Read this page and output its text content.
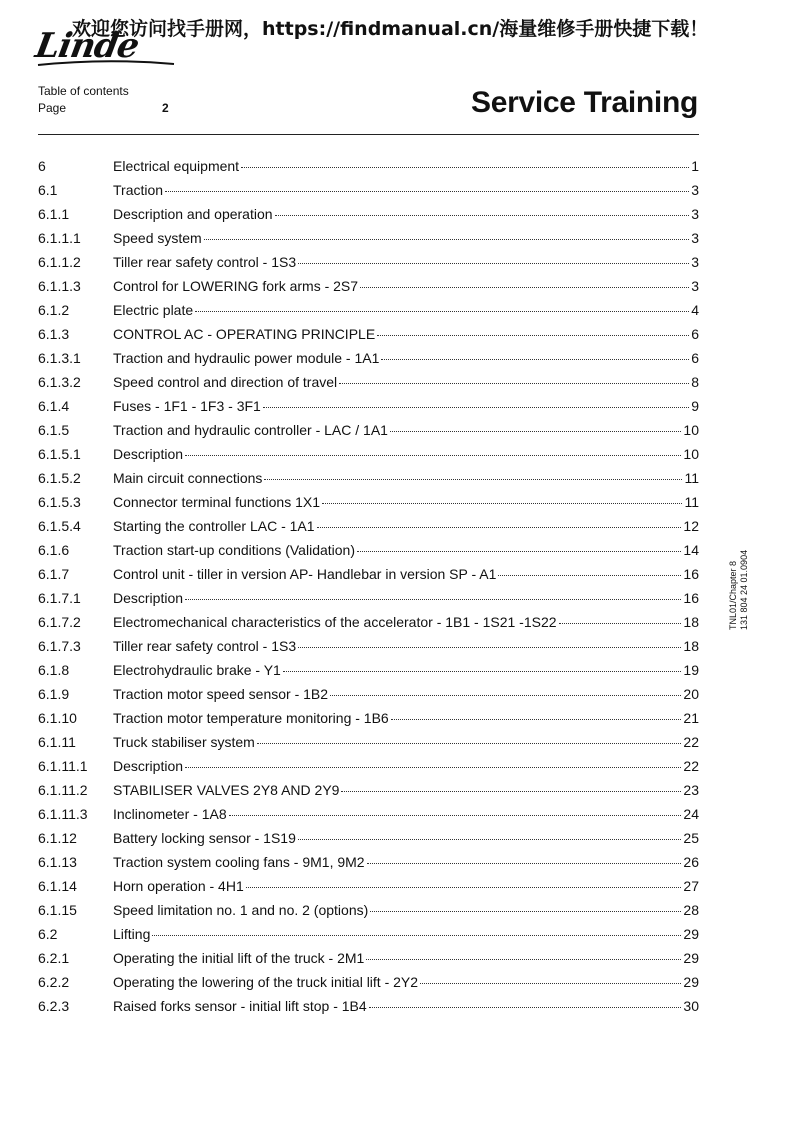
欢迎您访问找手册网，https://findmanual.cn/海量维修手册快捷下载！
Linde
Table of contents
Page	2	Service Training
6	Electrical equipment	1
6.1	Traction	3
6.1.1	Description and operation	3
6.1.1.1	Speed system	3
6.1.1.2	Tiller rear safety control - 1S3	3
6.1.1.3	Control for LOWERING fork arms - 2S7	3
6.1.2	Electric plate	4
6.1.3	CONTROL AC - OPERATING PRINCIPLE	6
6.1.3.1	Traction and hydraulic power module - 1A1	6
6.1.3.2	Speed control and direction of travel	8
6.1.4	Fuses - 1F1 - 1F3 - 3F1	9
6.1.5	Traction and hydraulic controller - LAC / 1A1	10
6.1.5.1	Description	10
6.1.5.2	Main circuit connections	11
6.1.5.3	Connector terminal functions 1X1	11
6.1.5.4	Starting the controller LAC - 1A1	12
6.1.6	Traction start-up conditions (Validation)	14
6.1.7	Control unit - tiller in version AP- Handlebar in version SP - A1	16
6.1.7.1	Description	16
6.1.7.2	Electromechanical characteristics of the accelerator - 1B1 - 1S21 -1S22	18
6.1.7.3	Tiller rear safety control - 1S3	18
6.1.8	Electrohydraulic brake - Y1	19
6.1.9	Traction motor speed sensor - 1B2	20
6.1.10	Traction motor temperature monitoring - 1B6	21
6.1.11	Truck stabiliser system	22
6.1.11.1	Description	22
6.1.11.2	STABILISER VALVES 2Y8 AND 2Y9	23
6.1.11.3	Inclinometer - 1A8	24
6.1.12	Battery locking sensor - 1S19	25
6.1.13	Traction system cooling fans - 9M1, 9M2	26
6.1.14	Horn operation - 4H1	27
6.1.15	Speed limitation no. 1 and no. 2 (options)	28
6.2	Lifting	29
6.2.1	Operating the initial lift of the truck - 2M1	29
6.2.2	Operating the lowering of the truck initial lift - 2Y2	29
6.2.3	Raised forks sensor - initial lift stop - 1B4	30
TNL01/Chapter 8 131 804 24 01.0904
